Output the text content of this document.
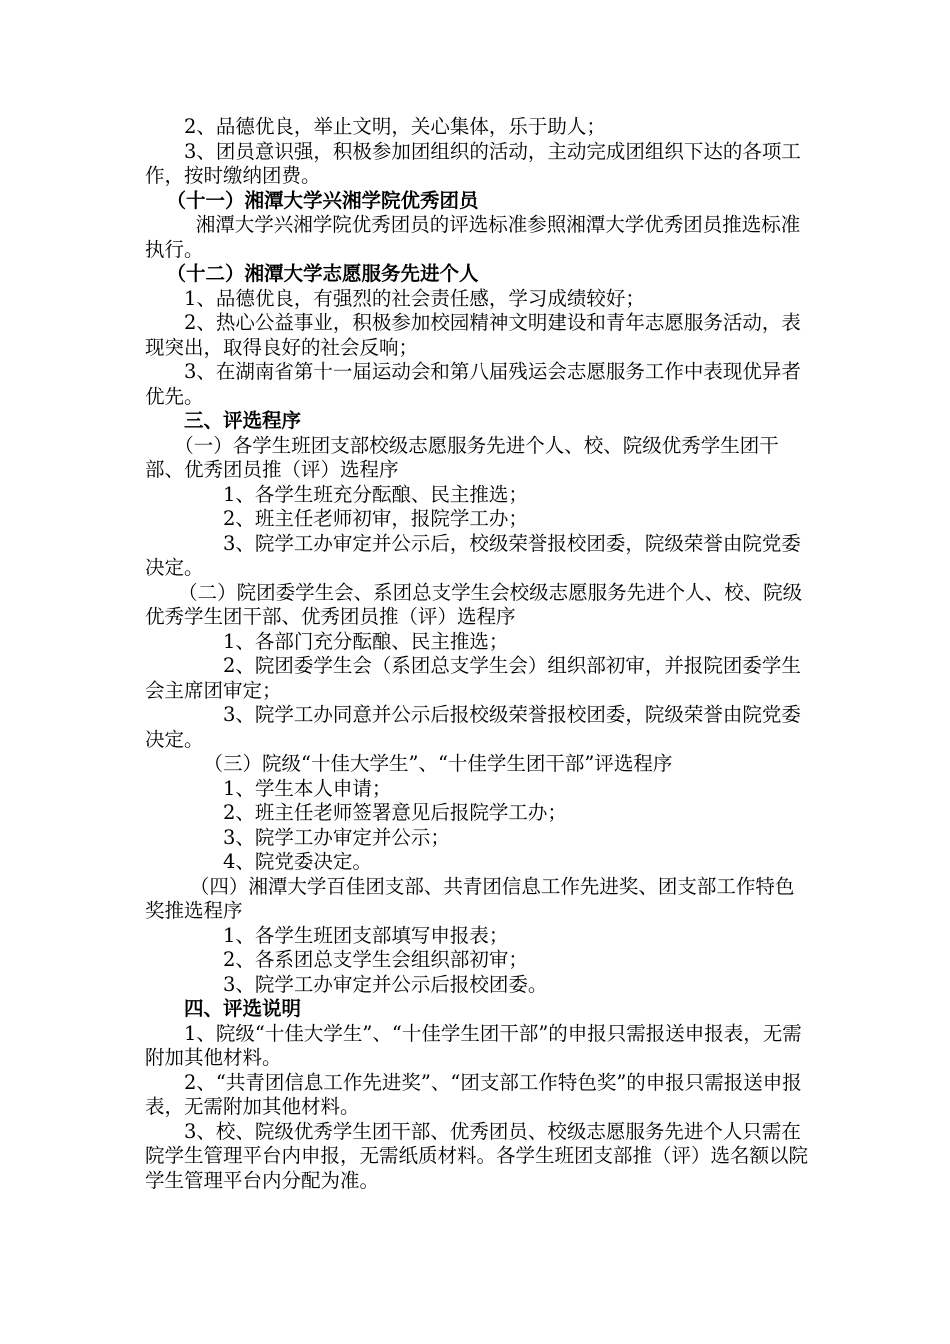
2、品德优良，举止文明，关心集体，乐于助人；

3、团员意识强，积极参加团组织的活动，主动完成团组织下达的各项工作，按时缴纳团费。

（十一）湘潭大学兴湘学院优秀团员

湘潭大学兴湘学院优秀团员的评选标准参照湘潭大学优秀团员推选标准执行。

（十二）湘潭大学志愿服务先进个人

1、品德优良，有强烈的社会责任感，学习成绩较好；

2、热心公益事业，积极参加校园精神文明建设和青年志愿服务活动，表现突出，取得良好的社会反响；

3、在湖南省第十一届运动会和第八届残运会志愿服务工作中表现优异者优先。

三、评选程序

（一）各学生班团支部校级志愿服务先进个人、校、院级优秀学生团干部、优秀团员推（评）选程序

1、各学生班充分酝酿、民主推选；

2、班主任老师初审，报院学工办；

3、院学工办审定并公示后，校级荣誉报校团委，院级荣誉由院党委决定。

（二）院团委学生会、系团总支学生会校级志愿服务先进个人、校、院级优秀学生团干部、优秀团员推（评）选程序

1、各部门充分酝酿、民主推选；

2、院团委学生会（系团总支学生会）组织部初审，并报院团委学生会主席团审定；

3、院学工办同意并公示后报校级荣誉报校团委，院级荣誉由院党委决定。

（三）院级“十佳大学生”、“十佳学生团干部”评选程序

1、学生本人申请；

2、班主任老师签署意见后报院学工办；

3、院学工办审定并公示；

4、院党委决定。

（四）湘潭大学百佳团支部、共青团信息工作先进奖、团支部工作特色奖推选程序

1、各学生班团支部填写申报表；

2、各系团总支学生会组织部初审；

3、院学工办审定并公示后报校团委。

四、评选说明

1、院级“十佳大学生”、“十佳学生团干部”的申报只需报送申报表，无需附加其他材料。

2、“共青团信息工作先进奖”、“团支部工作特色奖”的申报只需报送申报表，无需附加其他材料。

3、校、院级优秀学生团干部、优秀团员、校级志愿服务先进个人只需在院学生管理平台内申报，无需纸质材料。各学生班团支部推（评）选名额以院学生管理平台内分配为准。
